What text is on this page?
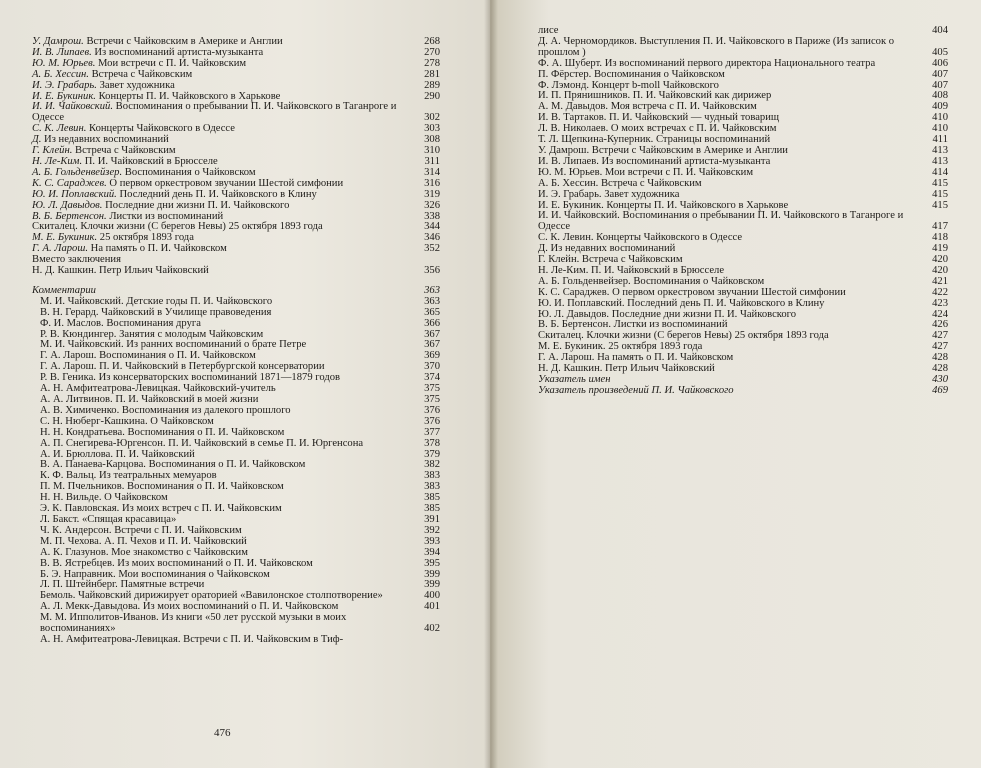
У. Дамрош. Встречи с Чайковским в Америке и Англии	268
И. В. Липаев. Из воспоминаний артиста-музыканта	270
Ю. М. Юрьев. Мои встречи с П. И. Чайковским	278
А. Б. Хессин. Встреча с Чайковским	281
И. Э. Грабарь. Завет художника	289
И. Е. Букиник. Концерты П. И. Чайковского в Харькове	290
И. И. Чайковский. Воспоминания о пребывании П. И. Чайковского в Таганроге и Одессе	302
С. К. Левин. Концерты Чайковского в Одессе	303
Д. Из недавних воспоминаний	308
Г. Клейн. Встреча с Чайковским	310
Н. Ле-Ким. П. И. Чайковский в Брюсселе	311
А. Б. Гольденвейзер. Воспоминания о Чайковском	314
К. С. Сараджев. О первом оркестровом звучании Шестой симфонии	316
Ю. И. Поплавский. Последний день П. И. Чайковского в Клину	319
Ю. Л. Давыдов. Последние дни жизни П. И. Чайковского	326
В. Б. Бертенсон. Листки из воспоминаний	338
Скиталец. Клочки жизни (С берегов Невы) 25 октября 1893 года	344
М. Е. Букиник. 25 октября 1893 года	346
Г. А. Ларош. На память о П. И. Чайковском	352
Вместо заключения
Н. Д. Кашкин. Петр Ильич Чайковский	356
Комментарии	363
М. И. Чайковский. Детские годы П. И. Чайковского	363
В. Н. Герард. Чайковский в Училище правоведения	365
Ф. И. Маслов. Воспоминания друга	366
Р. В. Кюндингер. Занятия с молодым Чайковским	367
М. И. Чайковский. Из ранних воспоминаний о брате Петре	367
Г. А. Ларош. Воспоминания о П. И. Чайковском	369
Г. А. Ларош. П. И. Чайковский в Петербургской консерватории	370
Р. В. Геника. Из консерваторских воспоминаний 1871—1879 годов	374
А. Н. Амфитеатрова-Левицкая. Чайковский-учитель	375
А. А. Литвинов. П. И. Чайковский в моей жизни	375
А. В. Химиченко. Воспоминания из далекого прошлого	376
С. Н. Нюберг-Кашкина. О Чайковском	376
Н. Н. Кондратьева. Воспоминания о П. И. Чайковском	377
А. П. Снегирева-Юргенсон. П. И. Чайковский в семье П. И. Юргенсона	378
А. И. Брюллова. П. И. Чайковский	379
В. А. Панаева-Карцова. Воспоминания о П. И. Чайковском	382
К. Ф. Вальц. Из театральных мемуаров	383
П. М. Пчельников. Воспоминания о П. И. Чайковском	383
Н. Н. Вильде. О Чайковском	385
Э. К. Павловская. Из моих встреч с П. И. Чайковским	385
Л. Бакст. «Спящая красавица»	391
Ч. К. Андерсон. Встречи с П. И. Чайковским	392
М. П. Чехова. А. П. Чехов и П. И. Чайковский	393
А. К. Глазунов. Мое знакомство с Чайковским	394
В. В. Ястребцев. Из моих воспоминаний о П. И. Чайковском	395
Б. Э. Направник. Мои воспоминания о Чайковском	399
Л. П. Штейнберг. Памятные встречи	399
Бемоль. Чайковский дирижирует ораторией «Вавилонское столпотворение»	400
А. Л. Мекк-Давыдова. Из моих воспоминаний о П. И. Чайковском	401
М. М. Ипполитов-Иванов. Из книги «50 лет русской музыки в моих воспоминаниях»	402
А. Н. Амфитеатрова-Левицкая. Встречи с П. И. Чайковским в Тиф-
476
лисе	404
Д. А. Черномордиков. Выступления П. И. Чайковского в Париже (Из записок о прошлом )	405
Ф. А. Шуберт. Из воспоминаний первого директора Национального театра	406
П. Фёрстер. Воспоминания о Чайковском	407
Ф. Лэмонд. Концерт b-moll Чайковского	407
И. П. Прянишников. П. И. Чайковский как дирижер	408
А. М. Давыдов. Моя встреча с П. И. Чайковским	409
И. В. Тартаков. П. И. Чайковский — чудный товарищ	410
Л. В. Николаев. О моих встречах с П. И. Чайковским	410
Т. Л. Щепкина-Куперник. Страницы воспоминаний	411
У. Дамрош. Встречи с Чайковским в Америке и Англии	413
И. В. Липаев. Из воспоминаний артиста-музыканта	413
Ю. М. Юрьев. Мои встречи с П. И. Чайковским	414
А. Б. Хессин. Встреча с Чайковским	415
И. Э. Грабарь. Завет художника	415
И. Е. Букиник. Концерты П. И. Чайковского в Харькове	415
И. И. Чайковский. Воспоминания о пребывании П. И. Чайковского в Таганроге и Одессе	417
С. К. Левин. Концерты Чайковского в Одессе	418
Д. Из недавних воспоминаний	419
Г. Клейн. Встреча с Чайковским	420
Н. Ле-Ким. П. И. Чайковский в Брюсселе	420
А. Б. Гольденвейзер. Воспоминания о Чайковском	421
К. С. Сараджев. О первом оркестровом звучании Шестой симфонии	422
Ю. И. Поплавский. Последний день П. И. Чайковского в Клину	423
Ю. Л. Давыдов. Последние дни жизни П. И. Чайковского	424
В. Б. Бертенсон. Листки из воспоминаний	426
Скиталец. Клочки жизни (С берегов Невы) 25 октября 1893 года	427
М. Е. Букиник. 25 октября 1893 года	427
Г. А. Ларош. На память о П. И. Чайковском	428
Н. Д. Кашкин. Петр Ильич Чайковский	428
Указатель имен	430
Указатель произведений П. И. Чайковского	469
